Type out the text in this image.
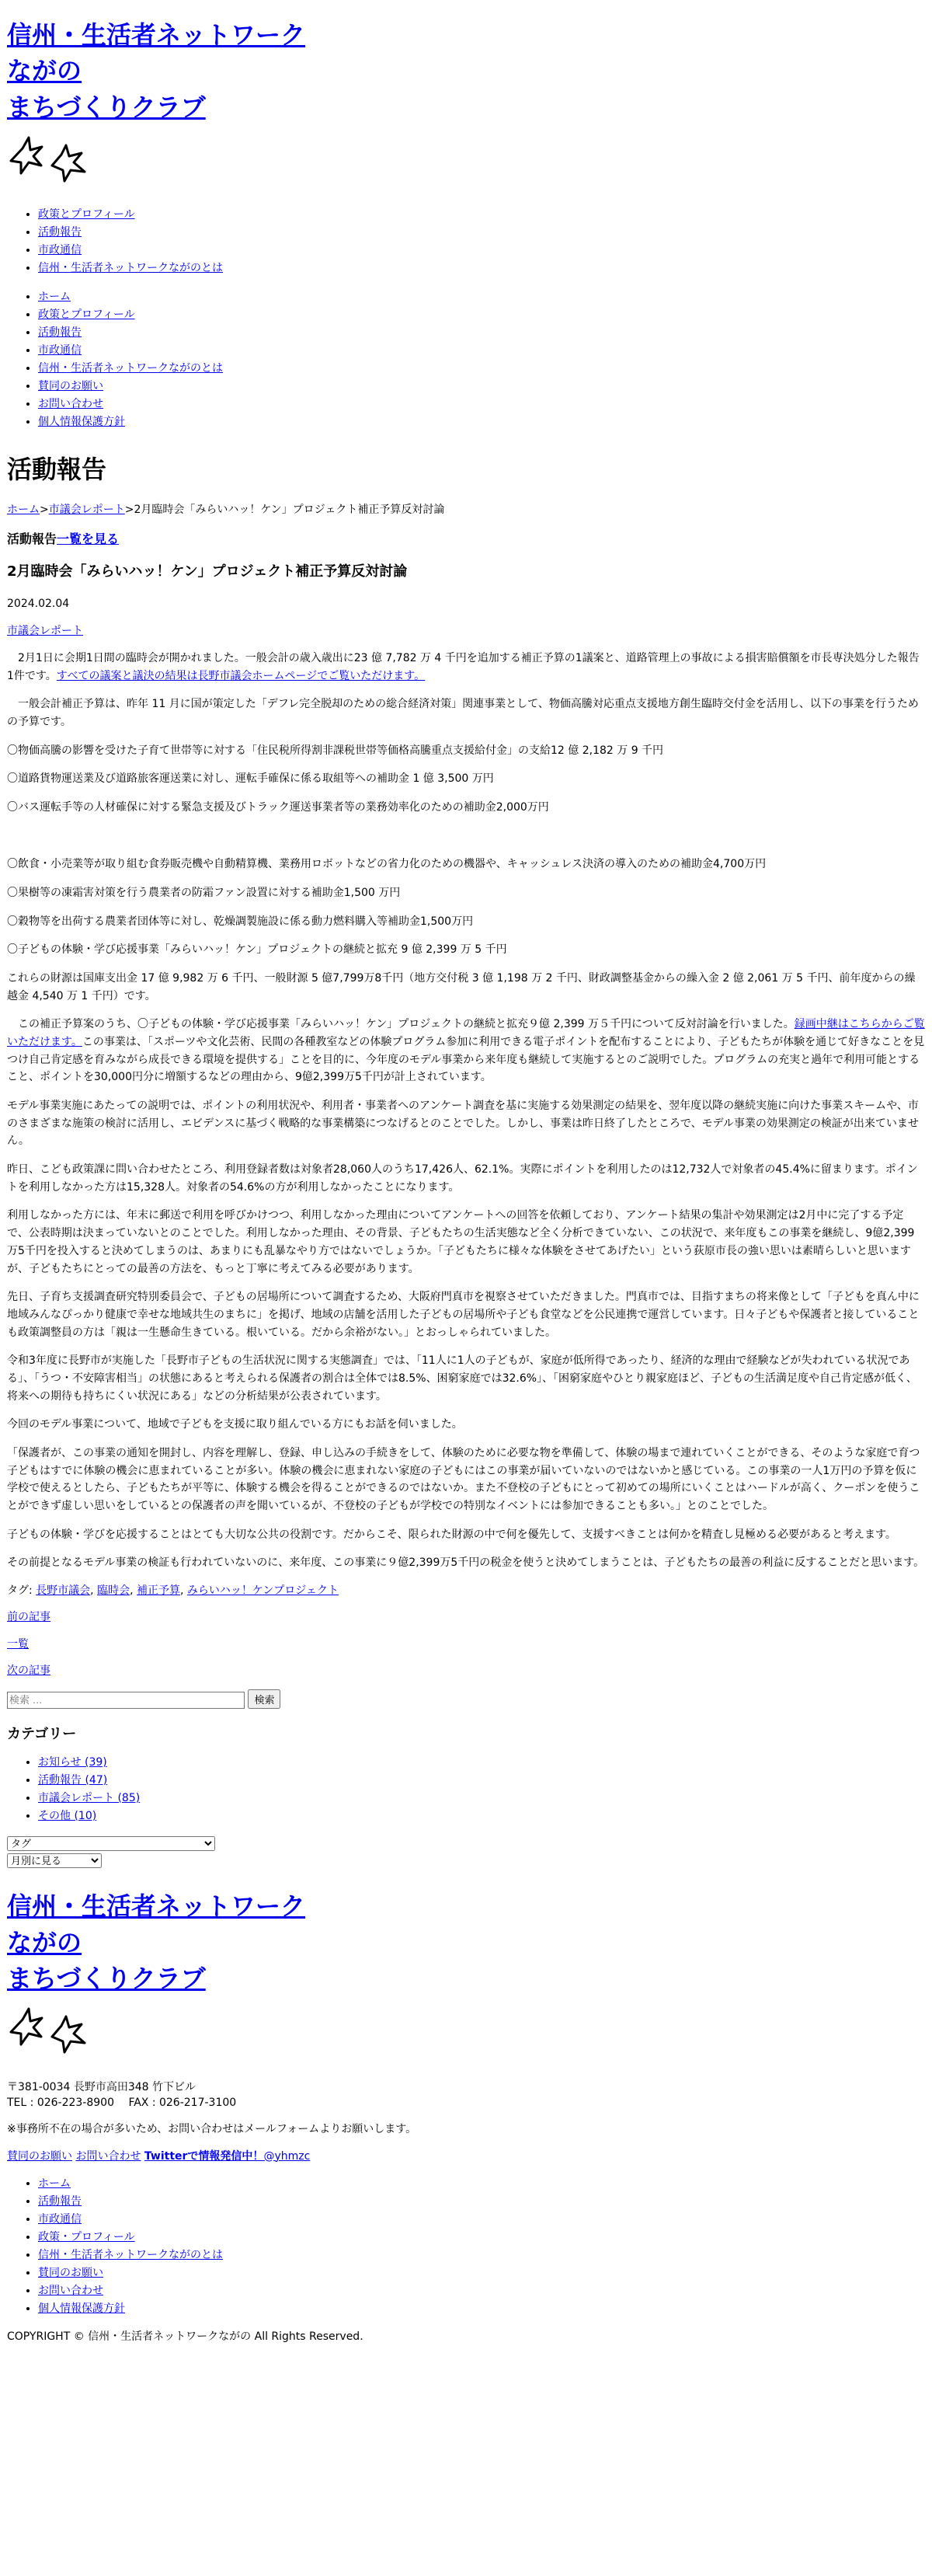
信州・生活者ネットワーク
ながの
まちづくりクラブ
• 政策とプロフィール
• 活動報告
• 市政通信
• 信州・生活者ネットワークながのとは
• ホーム
• 政策とプロフィール
• 活動報告
• 市政通信
• 信州・生活者ネットワークながのとは
• 賛同のお願い
• お問い合わせ
• 個人情報保護方針
活動報告
ホーム>市議会レポート>2月臨時会「みらいハッ！ケン」プロジェクト補正予算反対討論
活動報告一覧を見る
2月臨時会「みらいハッ！ケン」プロジェクト補正予算反対討論
2024.02.04
市議会レポート

2月1日に会期1日間の臨時会が開かれました。一般会計の歳入歳出に23 億 7,782 万 4 千円を追加する補正予算の1議案と、道路管理上の事故による損害賠償額を市長専決処分した報告1件です。すべての議案と議決の結果は長野市議会ホームページでご覧いただけます。

一般会計補正予算は、昨年 11 月に国が策定した「デフレ完全脱却のための総合経済対策」関連事業として、物価高騰対応重点支援地方創生臨時交付金を活用し、以下の事業を行うための予算です。

〇物価高騰の影響を受けた子育て世帯等に対する「住民税所得割非課税世帯等価格高騰重点支援給付金」の支給12 億 2,182 万 9 千円

〇道路貨物運送業及び道路旅客運送業に対し、運転手確保に係る取組等への補助金 1 億 3,500 万円

〇バス運転手等の人材確保に対する緊急支援及びトラック運送事業者等の業務効率化のための補助金2,000万円

〇飲食・小売業等が取り組む食券販売機や自動精算機、業務用ロボットなどの省力化のための機器や、キャッシュレス決済の導入のための補助金4,700万円

〇果樹等の凍霜害対策を行う農業者の防霜ファン設置に対する補助金1,500 万円

〇穀物等を出荷する農業者団体等に対し、乾燥調製施設に係る動力燃料購入等補助金1,500万円

〇子どもの体験・学び応援事業「みらいハッ！ケン」プロジェクトの継続と拡充 9 億 2,399 万 5 千円

これらの財源は国庫支出金 17 億 9,982 万 6 千円、一般財源 5 億7,799万8千円（地方交付税 3 億 1,198 万 2 千円、財政調整基金からの繰入金 2 億 2,061 万 5 千円、前年度からの繰越金 4,540 万 1 千円）です。

この補正予算案のうち、〇子どもの体験・学び応援事業「みらいハッ！ケン」プロジェクトの継続と拡充９億 2,399 万５千円について反対討論を行いました。録画中継はこちらからご覧いただけます。この事業は、「スポーツや文化芸術、民間の各種教室などの体験プログラム参加に利用できる電子ポイントを配布することにより、子どもたちが体験を通じて好きなことを見つけ自己肯定感を育みながら成長できる環境を提供する」ことを目的に、今年度のモデル事業から来年度も継続して実施するとのご説明でした。プログラムの充実と過年で利用可能とすること、ポイントを30,000円分に増額するなどの理由から、9億2,399万5千円が計上されています。

モデル事業実施にあたっての説明では、ポイントの利用状況や、利用者・事業者へのアンケート調査を基に実施する効果測定の結果を、翌年度以降の継続実施に向けた事業スキームや、市のさまざまな施策の検討に活用し、エビデンスに基づく戦略的な事業構築につなげるとのことでした。しかし、事業は昨日終了したところで、モデル事業の効果測定の検証が出来ていません。

昨日、こども政策課に問い合わせたところ、利用登録者数は対象者28,060人のうち17,426人、62.1%。実際にポイントを利用したのは12,732人で対象者の45.4%に留まります。ポイントを利用しなかった方は15,328人。対象者の54.6%の方が利用しなかったことになります。

利用しなかった方には、年末に郵送で利用を呼びかけつつ、利用しなかった理由についてアンケートへの回答を依頼しており、アンケート結果の集計や効果測定は2月中に完了する予定で、公表時期は決まっていないとのことでした。利用しなかった理由、その背景、子どもたちの生活実態など全く分析できていない、この状況で、来年度もこの事業を継続し、9億2,399万5千円を投入すると決めてしまうのは、あまりにも乱暴なやり方ではないでしょうか。「子どもたちに様々な体験をさせてあげたい」という荻原市長の強い思いは素晴らしいと思いますが、子どもたちにとっての最善の方法を、もっと丁寧に考えてみる必要があります。

先日、子育ち支援調査研究特別委員会で、子どもの居場所について調査するため、大阪府門真市を視察させていただきました。門真市では、目指すまちの将来像として「子どもを真ん中に地域みんなぴっかり健康で幸せな地域共生のまちに」を掲げ、地域の店舗を活用した子どもの居場所や子ども食堂などを公民連携で運営しています。日々子どもや保護者と接していることも政策調整員の方は「親は一生懸命生きている。根いている。だから余裕がない。」とおっしゃられていました。

令和3年度に長野市が実施した「長野市子どもの生活状況に関する実態調査」では、「11人に1人の子どもが、家庭が低所得であったり、経済的な理由で経験などが失われている状況である」、「うつ・不安障害相当」の状態にあると考えられる保護者の割合は全体では8.5%、困窮家庭では32.6%」、「困窮家庭やひとり親家庭ほど、子どもの生活満足度や自己肯定感が低く、将来への期待も持ちにくい状況にある」などの分析結果が公表されています。

今回のモデル事業について、地域で子どもを支援に取り組んでいる方にもお話を伺いました。

「保護者が、この事業の通知を開封し、内容を理解し、登録、申し込みの手続きをして、体験のために必要な物を準備して、体験の場まで連れていくことができる、そのような家庭で育つ子どもはすでに体験の機会に恵まれていることが多い。体験の機会に恵まれない家庭の子どもにはこの事業が届いていないのではないかと感じている。この事業の一人1万円の予算を仮に学校で使えるとしたら、子どもたちが平等に、体験する機会を得ることができるのではないか。また不登校の子どもにとって初めての場所にいくことはハードルが高く、クーポンを使うことができず虚しい思いをしているとの保護者の声を聞いているが、不登校の子どもが学校での特別なイベントには参加できることも多い。」とのことでした。

子どもの体験・学びを応援することはとても大切な公共の役割です。だからこそ、限られた財源の中で何を優先して、支援すべきことは何かを精査し見極める必要があると考えます。

その前提となるモデル事業の検証も行われていないのに、来年度、この事業に９億2,399万5千円の税金を使うと決めてしまうことは、子どもたちの最善の利益に反することだと思います。

タグ: 長野市議会, 臨時会, 補正予算, みらいハッ！ケンプロジェクト
前の記事
一覧
次の記事
検索 … 検索
カテゴリー
• お知らせ (39)
• 活動報告 (47)
• 市議会レポート (85)
• その他 (10)
タグ
月別に見る
信州・生活者ネットワーク
ながの
まちづくりクラブ
〒381-0034 長野市高田348 竹下ビル
TEL : 026-223-8900　 FAX : 026-217-3100
※事務所不在の場合が多いため、お問い合わせはメールフォームよりお願いします。
賛同のお願い お問い合わせ Twitterで情報発信中！@yhmzc
• ホーム
• 活動報告
• 市政通信
• 政策・プロフィール
• 信州・生活者ネットワークながのとは
• 賛同のお願い
• お問い合わせ
• 個人情報保護方針
COPYRIGHT © 信州・生活者ネットワークながの All Rights Reserved.
